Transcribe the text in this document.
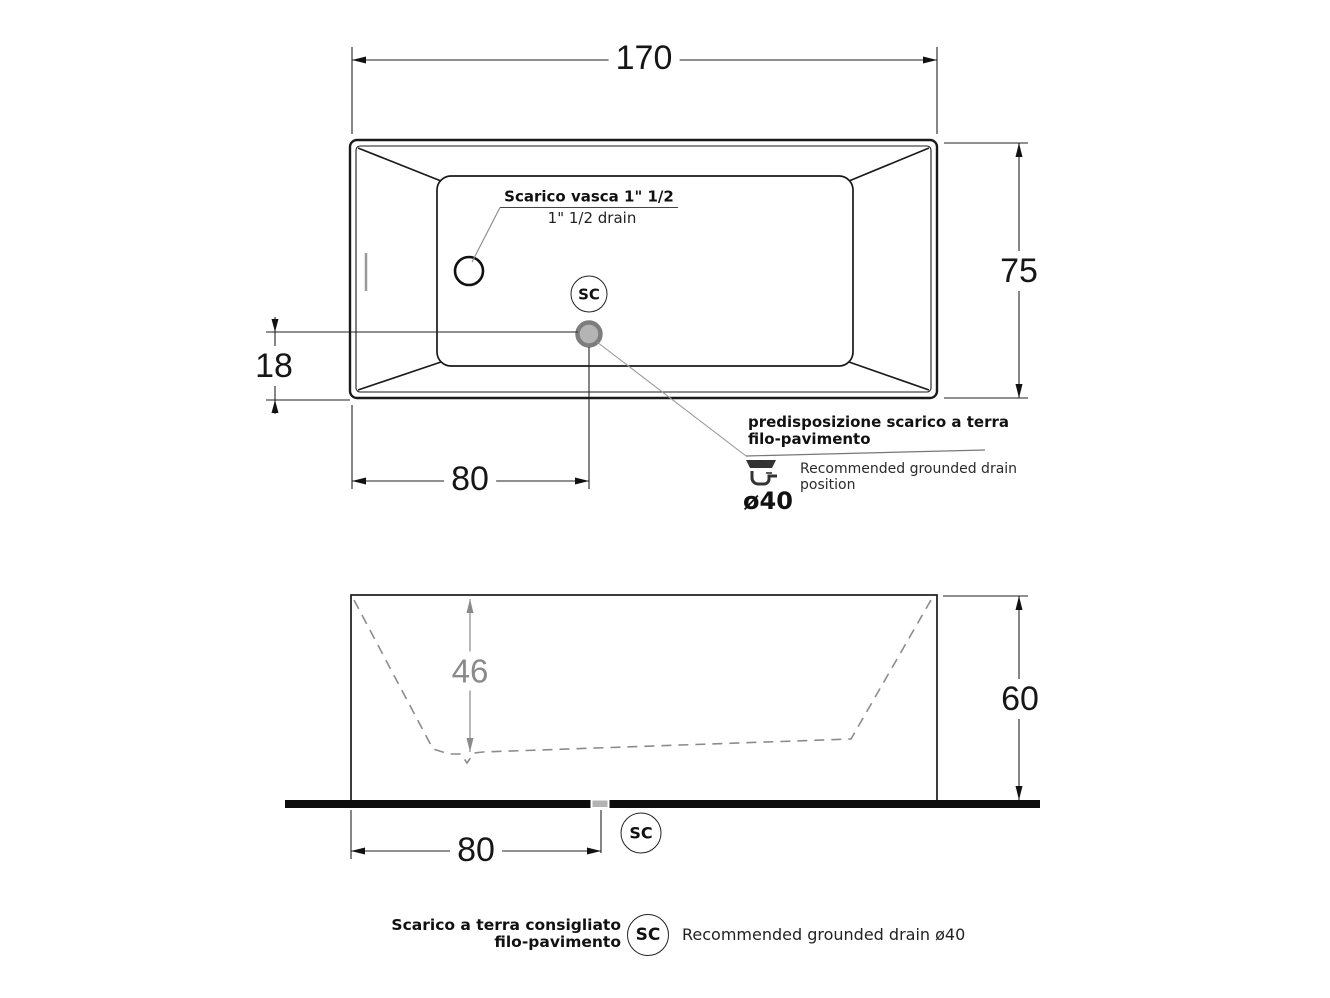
170
75
18
80
Scarico vasca 1" 1/2
1" 1/2 drain
SC
predisposizione scarico a terra
filo-pavimento
Recommended grounded drain
position
ø40
46
60
80	SC
Scarico a terra consigliato
filo-pavimento SC Recommended grounded drain ø40
